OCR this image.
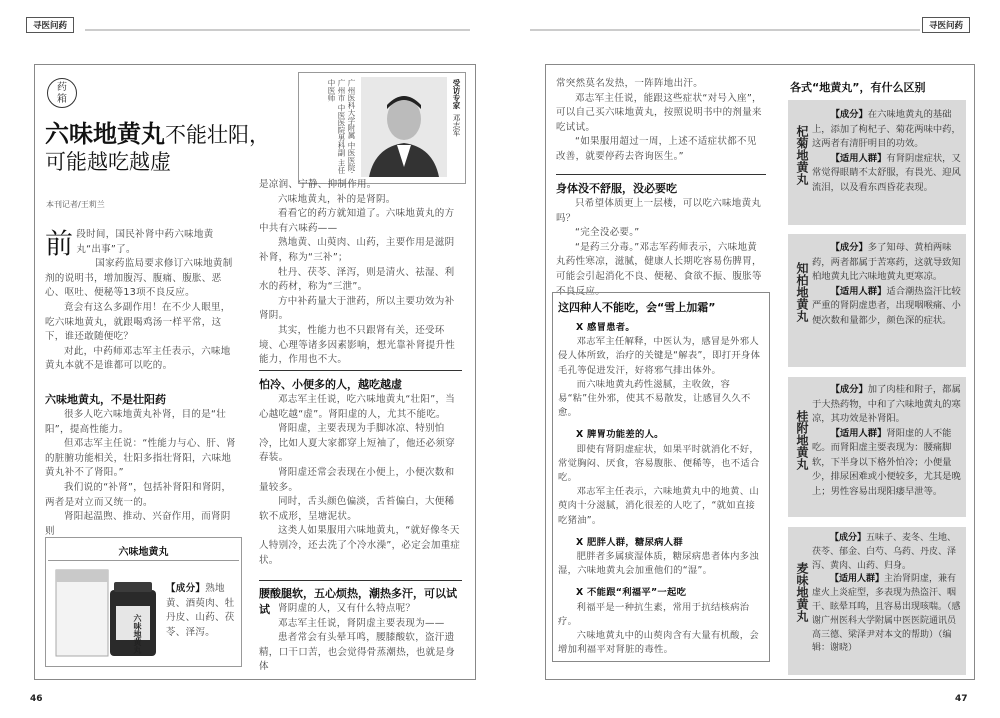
寻医问药	寻医问药
46	47
药
箱
六味地黄丸不能壮阳，
可能越吃越虚
本刊记者/王莉兰
广州医科大学附属 中医医院·广州市 中医医院男科副 主任中医师	受访专家  邓志军

前段时间，国民补肾中药六味地黄丸“出事”了。

国家药监局要求修订六味地黄制剂的说明书，增加腹泻、腹痛、腹胀、恶心、呕吐、便秘等13项不良反应。

竟会有这么多副作用！在不少人眼里，吃六味地黄丸，就跟喝鸡汤一样平常，这下，谁还敢随便吃？

对此，中药师邓志军主任表示，六味地黄丸本就不是谁都可以吃的。

六味地黄丸，不是壮阳药

很多人吃六味地黄丸补肾，目的是“壮阳”，提高性能力。

但邓志军主任说：“性能力与心、肝、肾的脏腑功能相关，壮阳多指壮肾阳，六味地黄丸补不了肾阳。”

我们说的“补肾”，包括补肾阳和肾阴，两者是对立而又统一的。

肾阳起温煦、推动、兴奋作用，而肾阴则

六味地黄丸
六味地黄丸
【成分】熟地黄、酒萸肉、牡丹皮、山药、茯苓、泽泻。

是凉润、宁静、抑制作用。

六味地黄丸，补的是肾阴。

看看它的药方就知道了。六味地黄丸的方中共有六味药——

熟地黄、山萸肉、山药，主要作用是滋阴补肾，称为“三补”；

牡丹、茯苓、泽泻，则是清火、祛湿、利水的药材，称为“三泄”。

方中补药量大于泄药，所以主要功效为补肾阴。

其实，性能力也不只跟肾有关，还受环境、心理等诸多因素影响，想光靠补肾提升性能力，作用也不大。

怕冷、小便多的人，越吃越虚

邓志军主任说，吃六味地黄丸“壮阳”，当心越吃越“虚”。肾阳虚的人，尤其不能吃。

肾阳虚，主要表现为手脚冰凉、特别怕冷，比如人夏大家都穿上短袖了，他还必须穿春装。

肾阳虚还常会表现在小便上，小便次数和量较多。

同时，舌头颜色偏淡，舌苔偏白，大便稀软不成形，呈塘泥状。

这类人如果服用六味地黄丸，“就好像冬天人特别冷，还去洗了个冷水澡”，必定会加重症状。

腰酸腿软，五心烦热，潮热多汗，可以试试 肾阴虚的人，又有什么特点呢？

邓志军主任说，肾阴虚主要表现为——

患者常会有头晕耳鸣，腰膝酸软，盗汗遗精，口干口苦，也会觉得骨蒸潮热，也就是身体

常突然莫名发热，一阵阵地出汗。

邓志军主任说，能跟这些症状“对号入座”，可以自己买六味地黄丸，按照说明书中的剂量来吃试试。

“如果服用超过一周，上述不适症状都不见改善，就要停药去咨询医生。”

身体没不舒服，没必要吃

只希望体质更上一层楼，可以吃六味地黄丸吗？

“完全没必要。”

“是药三分毒。”邓志军药师表示，六味地黄丸药性寒凉，滋腻，健康人长期吃容易伤脾胃，可能会引起消化不良、便秘、食欲不振、腹胀等不良反应。

这四种人不能吃，会“雪上加霜”
X 感冒患者。

邓志军主任解释，中医认为，感冒是外邪人侵人体所致，治疗的关键是“解表”，即打开身体毛孔等促进发汗，好将邪气排出体外。

而六味地黄丸药性滋腻，主收敛，容易“粘”住外邪，使其不易散发，让感冒久久不愈。

X 脾胃功能差的人。

即使有肾阴虚症状，如果平时就消化不好，常觉胸闷、厌食，容易腹胀、便稀等，也不适合吃。

邓志军主任表示，六味地黄丸中的地黄、山萸肉十分滋腻，消化很差的人吃了，“就如直接吃猪油”。

X 肥胖人群，糖尿病人群

肥胖者多属痰湿体质，糖尿病患者体内多浊湿，六味地黄丸会加重他们的“湿”。

X 不能跟“利福平”一起吃

利福平是一种抗生素，常用于抗结核病治疗。

六味地黄丸中的山萸肉含有大量有机酸，会增加利福平对肾脏的毒性。

各式“地黄丸”，有什么区别
杞菊地黄丸

【成分】在六味地黄丸的基础上，添加了枸杞子、菊花两味中药，这两者有清肝明目的功效。

【适用人群】有肾阴虚症状，又常觉得眼睛不太舒服，有畏光、迎风流泪，以及看东西昏花表现。

知柏地黄丸

【成分】多了知母、黄柏两味药，两者都属于苦寒药，这就导致知柏地黄丸比六味地黄丸更寒凉。

【适用人群】适合潮热盗汗比较严重的肾阴虚患者，出现咽喉痛、小便次数和量都少，颜色深的症状。

桂附地黄丸

【成分】加了肉桂和附子，都属于大热药物，中和了六味地黄丸的寒凉，其功效是补肾阳。

【适用人群】肾阳虚的人不能吃。而肾阳虚主要表现为：腰痛脚软，下半身以下格外怕冷；小便量少，排尿困难或小便较多，尤其是晚上；男性容易出现阳痿早泄等。

麦味地黄丸

【成分】五味子、麦冬、生地、茯苓、郁金、白芍、乌药、丹皮、泽泻、黄肉、山药、归身。

【适用人群】主治肾阴虚，兼有虚火上炎症型，多表现为热盗汗、咽干、眩晕耳鸣，且容易出现咳喘。（感谢广州医科大学附属中医医院通讯员高三德、梁泽尹对本文的帮助）（编辑：谢晓）
